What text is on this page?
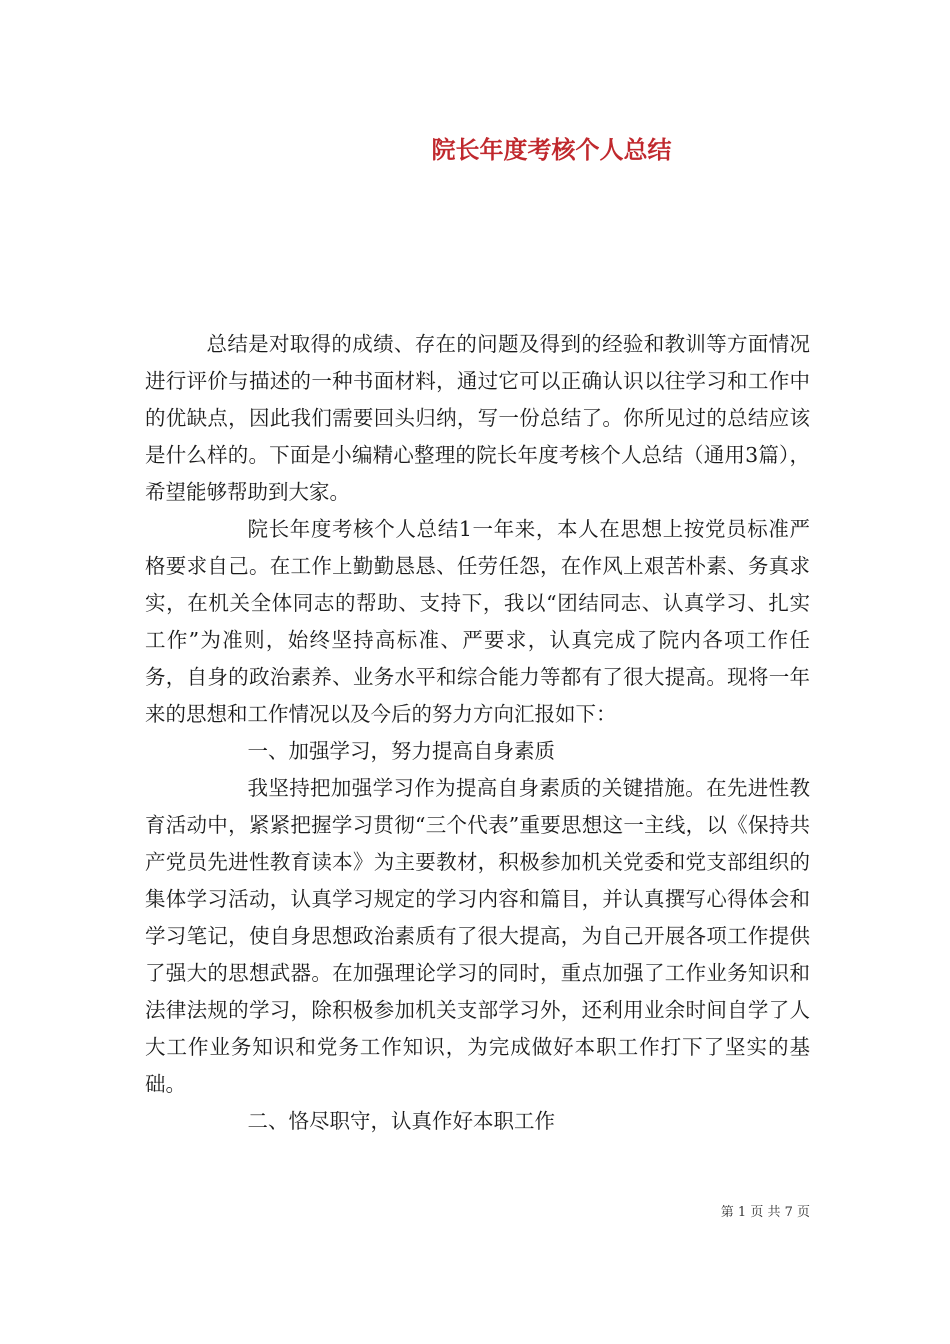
院长年度考核个人总结

总结是对取得的成绩、存在的问题及得到的经验和教训等方面情况进行评价与描述的一种书面材料，通过它可以正确认识以往学习和工作中的优缺点，因此我们需要回头归纳，写一份总结了。你所见过的总结应该是什么样的。下面是小编精心整理的院长年度考核个人总结（通用3篇），希望能够帮助到大家。

院长年度考核个人总结1一年来，本人在思想上按党员标准严格要求自己。在工作上勤勤恳恳、任劳任怨，在作风上艰苦朴素、务真求实，在机关全体同志的帮助、支持下，我以“团结同志、认真学习、扎实工作”为准则，始终坚持高标准、严要求，认真完成了院内各项工作任务，自身的政治素养、业务水平和综合能力等都有了很大提高。现将一年来的思想和工作情况以及今后的努力方向汇报如下：

一、加强学习，努力提高自身素质

我坚持把加强学习作为提高自身素质的关键措施。在先进性教育活动中，紧紧把握学习贯彻“三个代表”重要思想这一主线，以《保持共产党员先进性教育读本》为主要教材，积极参加机关党委和党支部组织的集体学习活动，认真学习规定的学习内容和篇目，并认真撰写心得体会和学习笔记，使自身思想政治素质有了很大提高，为自己开展各项工作提供了强大的思想武器。在加强理论学习的同时，重点加强了工作业务知识和法律法规的学习，除积极参加机关支部学习外，还利用业余时间自学了人大工作业务知识和党务工作知识，为完成做好本职工作打下了坚实的基础。

二、恪尽职守，认真作好本职工作

第 1 页 共 7 页
